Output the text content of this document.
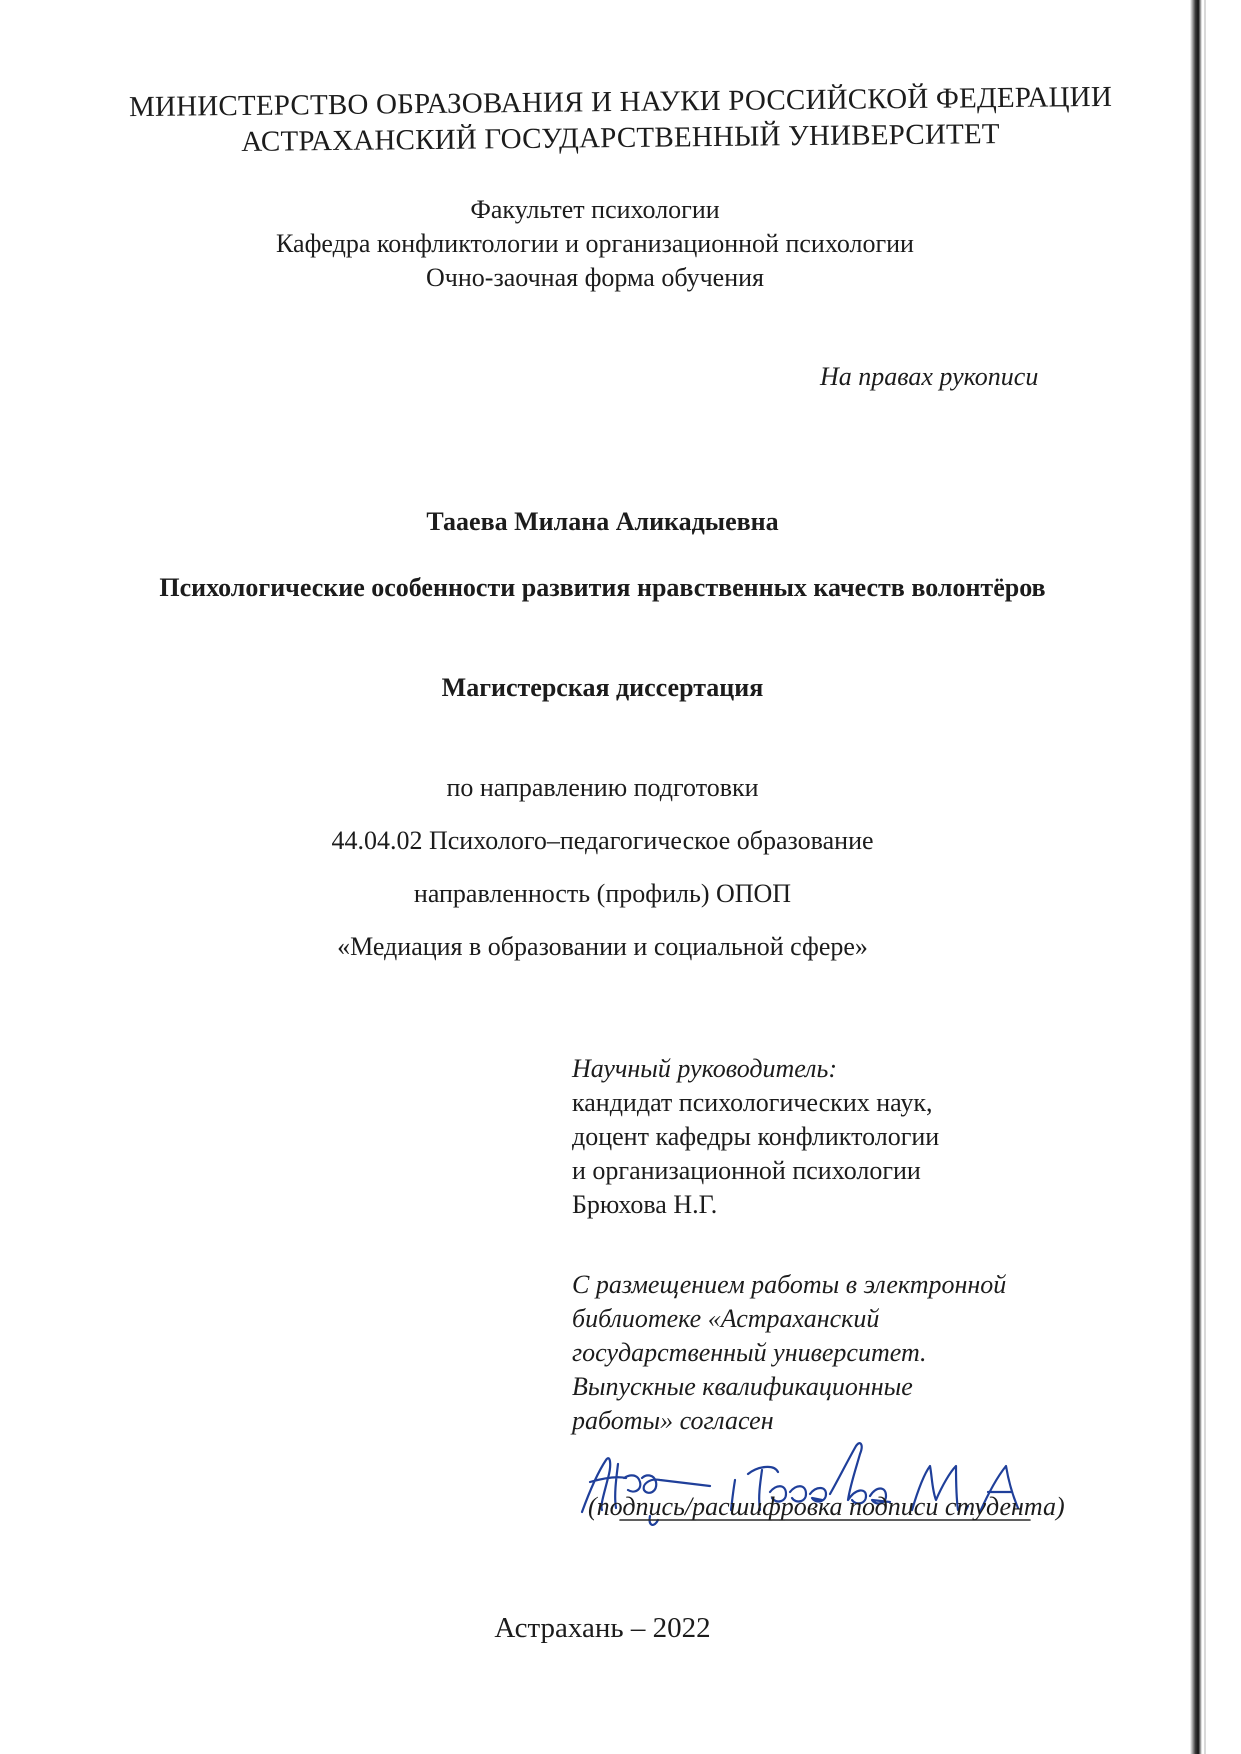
МИНИСТЕРСТВО ОБРАЗОВАНИЯ И НАУКИ РОССИЙСКОЙ ФЕДЕРАЦИИ
АСТРАХАНСКИЙ ГОСУДАРСТВЕННЫЙ УНИВЕРСИТЕТ
Факультет психологии
Кафедра конфликтологии и организационной психологии
Очно-заочная форма обучения
На правах рукописи
Тааева Милана Аликадыевна
Психологические особенности развития нравственных качеств волонтёров
Магистерская диссертация
по направлению подготовки
44.04.02 Психолого–педагогическое образование
направленность (профиль) ОПОП
«Медиация в образовании и социальной сфере»
Научный руководитель:
кандидат психологических наук,
доцент кафедры конфликтологии
и организационной психологии
Брюхова Н.Г.
С размещением работы в электронной
библиотеке «Астраханский
государственный университет.
Выпускные квалификационные
работы» согласен
Тааева М.А
(подпись/расшифровка подписи студента)
Астрахань – 2022
